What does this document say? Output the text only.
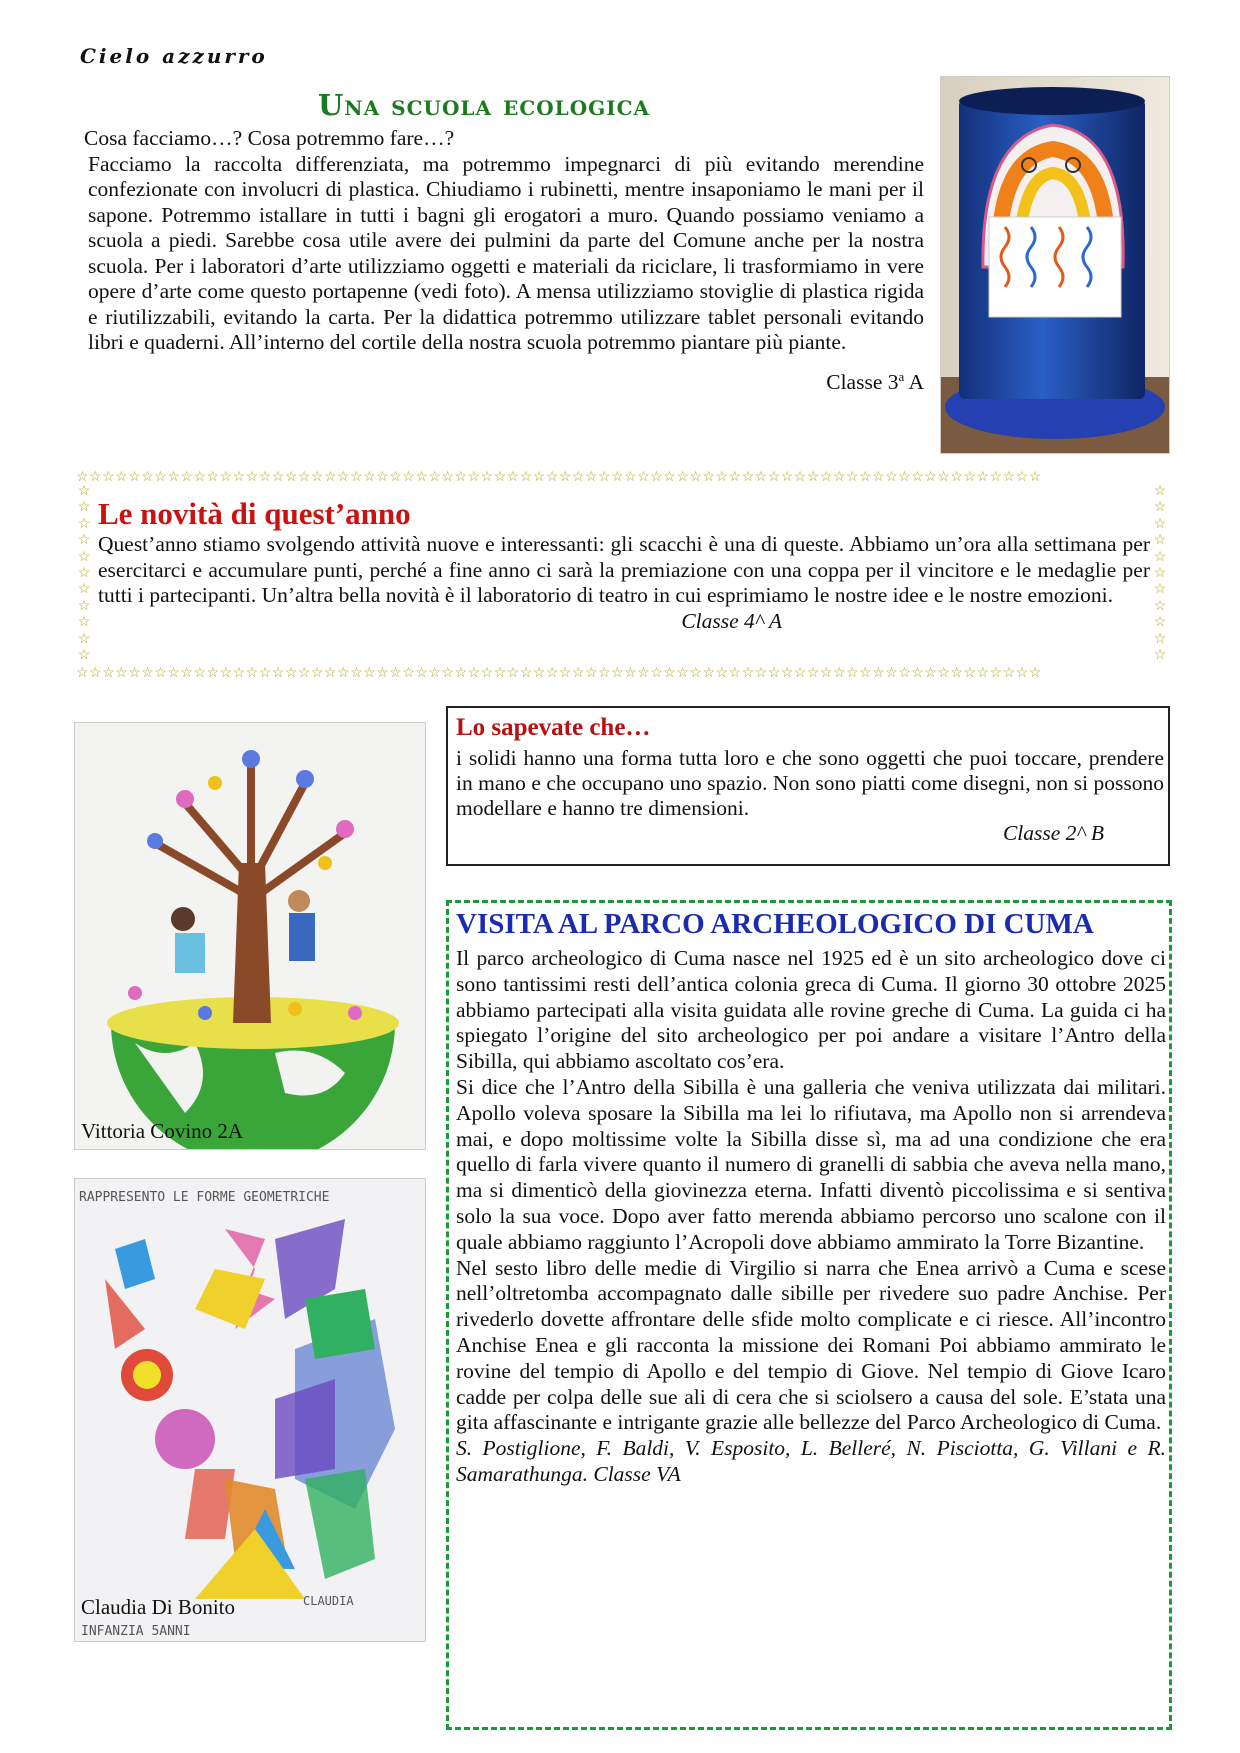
Cielo azzurro
Una scuola ecologica

Cosa facciamo…? Cosa potremmo fare…?

Facciamo la raccolta differenziata, ma potremmo impegnarci di più evitando merendine confezionate con involucri di plastica. Chiudiamo i rubinetti, mentre insaponiamo le mani per il sapone. Potremmo istallare in tutti i bagni gli erogatori a muro. Quando possiamo veniamo a scuola a piedi. Sarebbe cosa utile avere dei pulmini da parte del Comune anche per la nostra scuola. Per i laboratori d’arte utilizziamo oggetti e materiali da riciclare, li trasformiamo in vere opere d’arte come questo portapenne (vedi foto). A mensa utilizziamo stoviglie di plastica rigida e riutilizzabili, evitando la carta. Per la didattica potremmo utilizzare tablet personali evitando libri e quaderni. All’interno del cortile della nostra scuola potremmo piantare più piante.

Classe 3$^a$ A

☆☆☆☆☆☆☆☆☆☆☆☆☆☆☆☆☆☆☆☆☆☆☆☆☆☆☆☆☆☆☆☆☆☆☆☆☆☆☆☆☆☆☆☆☆☆☆☆☆☆☆☆☆☆☆☆☆☆☆☆☆☆☆☆☆☆☆☆☆☆☆☆☆☆
☆☆☆☆☆☆☆☆☆☆☆☆☆☆☆☆☆☆☆☆☆☆☆☆☆☆☆☆☆☆☆☆☆☆☆☆☆☆☆☆☆☆☆☆☆☆☆☆☆☆☆☆☆☆☆☆☆☆☆☆☆☆☆☆☆☆☆☆☆☆☆☆☆☆
☆
☆
☆
☆
☆
☆
☆
☆
☆
☆
☆
☆
☆
☆
☆
☆
☆
☆
☆
☆
☆
☆
Le novità di quest’anno

Quest’anno stiamo svolgendo attività nuove e interessanti: gli scacchi è una di queste. Abbiamo un’ora alla settimana per esercitarci e accumulare punti, perché a fine anno ci sarà la premiazione con una coppa per il vincitore e le medaglie per tutti i partecipanti. Un’altra bella novità è il laboratorio di teatro in cui esprimiamo le nostre idee e le nostre emozioni.

Classe 4^ A

Vittoria Covino 2A
RAPPRESENTO LE FORME GEOMETRICHE
CLAUDIA
INFANZIA 5ANNI
Claudia Di Bonito
Lo sapevate che…

i solidi hanno una forma tutta loro e che sono oggetti che puoi toccare, prendere in mano e che occupano uno spazio. Non sono piatti come disegni, non si possono modellare e hanno tre dimensioni.

Classe 2^ B

VISITA AL PARCO ARCHEOLOGICO DI CUMA

Il parco archeologico di Cuma nasce nel 1925 ed è un sito archeologico dove ci sono tantissimi resti dell’antica colonia greca di Cuma. Il giorno 30 ottobre 2025 abbiamo partecipati alla visita guidata alle rovine greche di Cuma. La guida ci ha spiegato l’origine del sito archeologico per poi andare a visitare l’Antro della Sibilla, qui abbiamo ascoltato cos’era.

Si dice che l’Antro della Sibilla è una galleria che veniva utilizzata dai militari. Apollo voleva sposare la Sibilla ma lei lo rifiutava, ma Apollo non si arrendeva mai, e dopo moltissime volte la Sibilla disse sì, ma ad una condizione che era quello di farla vivere quanto il numero di granelli di sabbia che aveva nella mano, ma si dimenticò della giovinezza eterna. Infatti diventò piccolissima e si sentiva solo la sua voce. Dopo aver fatto merenda abbiamo percorso uno scalone con il quale abbiamo raggiunto l’Acropoli dove abbiamo ammirato la Torre Bizantine.

Nel sesto libro delle medie di Virgilio si narra che Enea arrivò a Cuma e scese nell’oltretomba accompagnato dalle sibille per rivedere suo padre Anchise. Per rivederlo dovette affrontare delle sfide molto complicate e ci riesce. All’incontro Anchise Enea e gli racconta la missione dei Romani Poi abbiamo ammirato le rovine del tempio di Apollo e del tempio di Giove. Nel tempio di Giove Icaro cadde per colpa delle sue ali di cera che si sciolsero a causa del sole. E’stata una gita affascinante e intrigante grazie alle bellezze del Parco Archeologico di Cuma.

S. Postiglione, F. Baldi, V. Esposito, L. Belleré, N. Pisciotta, G. Villani e R. Samarathunga. Classe VA
